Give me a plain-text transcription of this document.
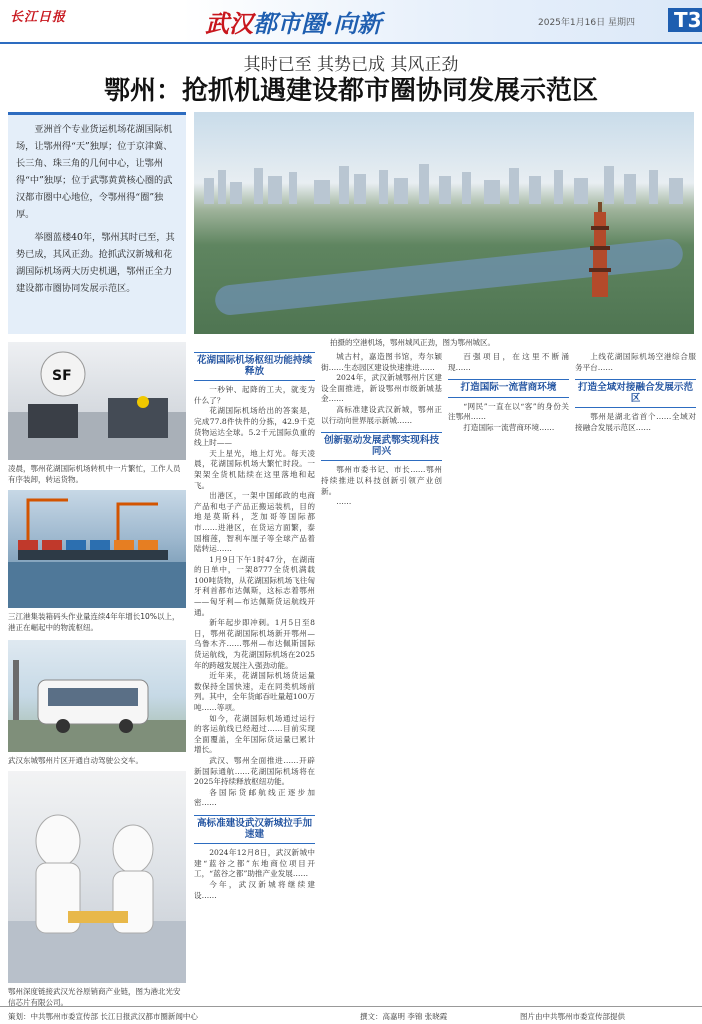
长江日报	武汉都市圈·向新	2025年1月16日 星期四	T3
其时已至 其势已成 其风正劲
鄂州：抢抓机遇建设都市圈协同发展示范区

亚洲首个专业货运机场花湖国际机场，让鄂州得“天”独厚；位于京津冀、长三角、珠三角的几何中心，让鄂州得“中”独厚；位于武鄂黄黄核心圈的武汉都市圈中心地位，令鄂州得“圈”独厚。

举圈蓝楼40年，鄂州其时已至，其势已成，其风正劲。抢抓武汉新城和花湖国际机场两大历史机遇，鄂州正全力建设都市圈协同发展示范区。

拍摄的空港机场，鄂州城风正劲，图为鄂州城区。
SF
凌晨，鄂州花湖国际机场转机中一片繁忙，工作人员有序装卸，转运货物。
三江港集装箱码头作业量连续4年年增长10%以上，港正在崛起中的物流枢纽。
武汉东城鄂州片区开通自动驾驶公交车。
鄂州深度链接武汉光谷原销商产业链，图为港北光安信芯片有限公司。
花湖国际机场枢纽功能持续释放

一秒钟、起降的工夫，就变为什么了？

花湖国际机场给出的答案是，完成77.8件快件的分拣，42.9千克货物运达全球。5.2千元国际负重的线上时——

天上星光，地上灯光。每天凌晨，花湖国际机场大繁忙时段。一架架全货机陆续在这里落地和起飞。

出港区，一架中国邮政的电商产品和电子产品正搬运装机，目的地是莫斯科，芝加哥等国际都市……进港区，在货运方面繁，泰国榴莲，智利车厘子等全球产品着陆转运……

1月9日下午1时47分，在湖南的日单中，一架8777全货机满载100吨货物，从花湖国际机场飞往匈牙利首都布达佩斯，这标志着鄂州——匈牙利—布达佩斯货运航线开通。

新年起步即冲刺。1月5日至8日，鄂州花湖国际机场新开鄂州—乌鲁木齐……鄂州—布达佩斯国际货运航线，为花湖国际机场在2025年的跨越发展注入强劲动能。

近年来，花湖国际机场货运量数保持全国快速，走在同类机场前列。其中，全年货邮吞吐量超100万吨……等项。

如今，花湖国际机场通过运行的客运航线已经超过……目前实现全面覆盖，全年国际货运量已累计增长。

武汉、鄂州全面推进……开辟新国际通航……花湖国际机场将在2025年持续释放枢纽功能。

各国际货邮航线正逐步加密……

高标准建设武汉新城拉手加速建

2024年12月8日，武汉新城中建“蓝谷之都”东地商位项目开工，“蓝谷之都”助推产业发展……

今年，武汉新城将继续建设……

城古村，嘉造图书馆，寿尔颖街……生态园区建设快速推进……

2024年，武汉新城鄂州片区建设全面推进，新设鄂州市级新城基金……

高标准建设武汉新城，鄂州正以行动向世界展示新城……

创新驱动发展武鄂实现科技同兴

鄂州市委书记、市长……鄂州持续推进以科技创新引领产业创新。

……

百强项目，在这里不断涌现……

打造国际一流营商环境

“网民”一直在以“客”的身份关注鄂州……

打造国际一流营商环境……

上线花湖国际机场空港综合服务平台……

打造全域对接融合发展示范区

鄂州是湖北省首个……全域对接融合发展示范区……

策划：中共鄂州市委宣传部 长江日报武汉都市圈新闻中心	撰文：高嘉明 李锦 张晓霞	图片由中共鄂州市委宣传部提供
